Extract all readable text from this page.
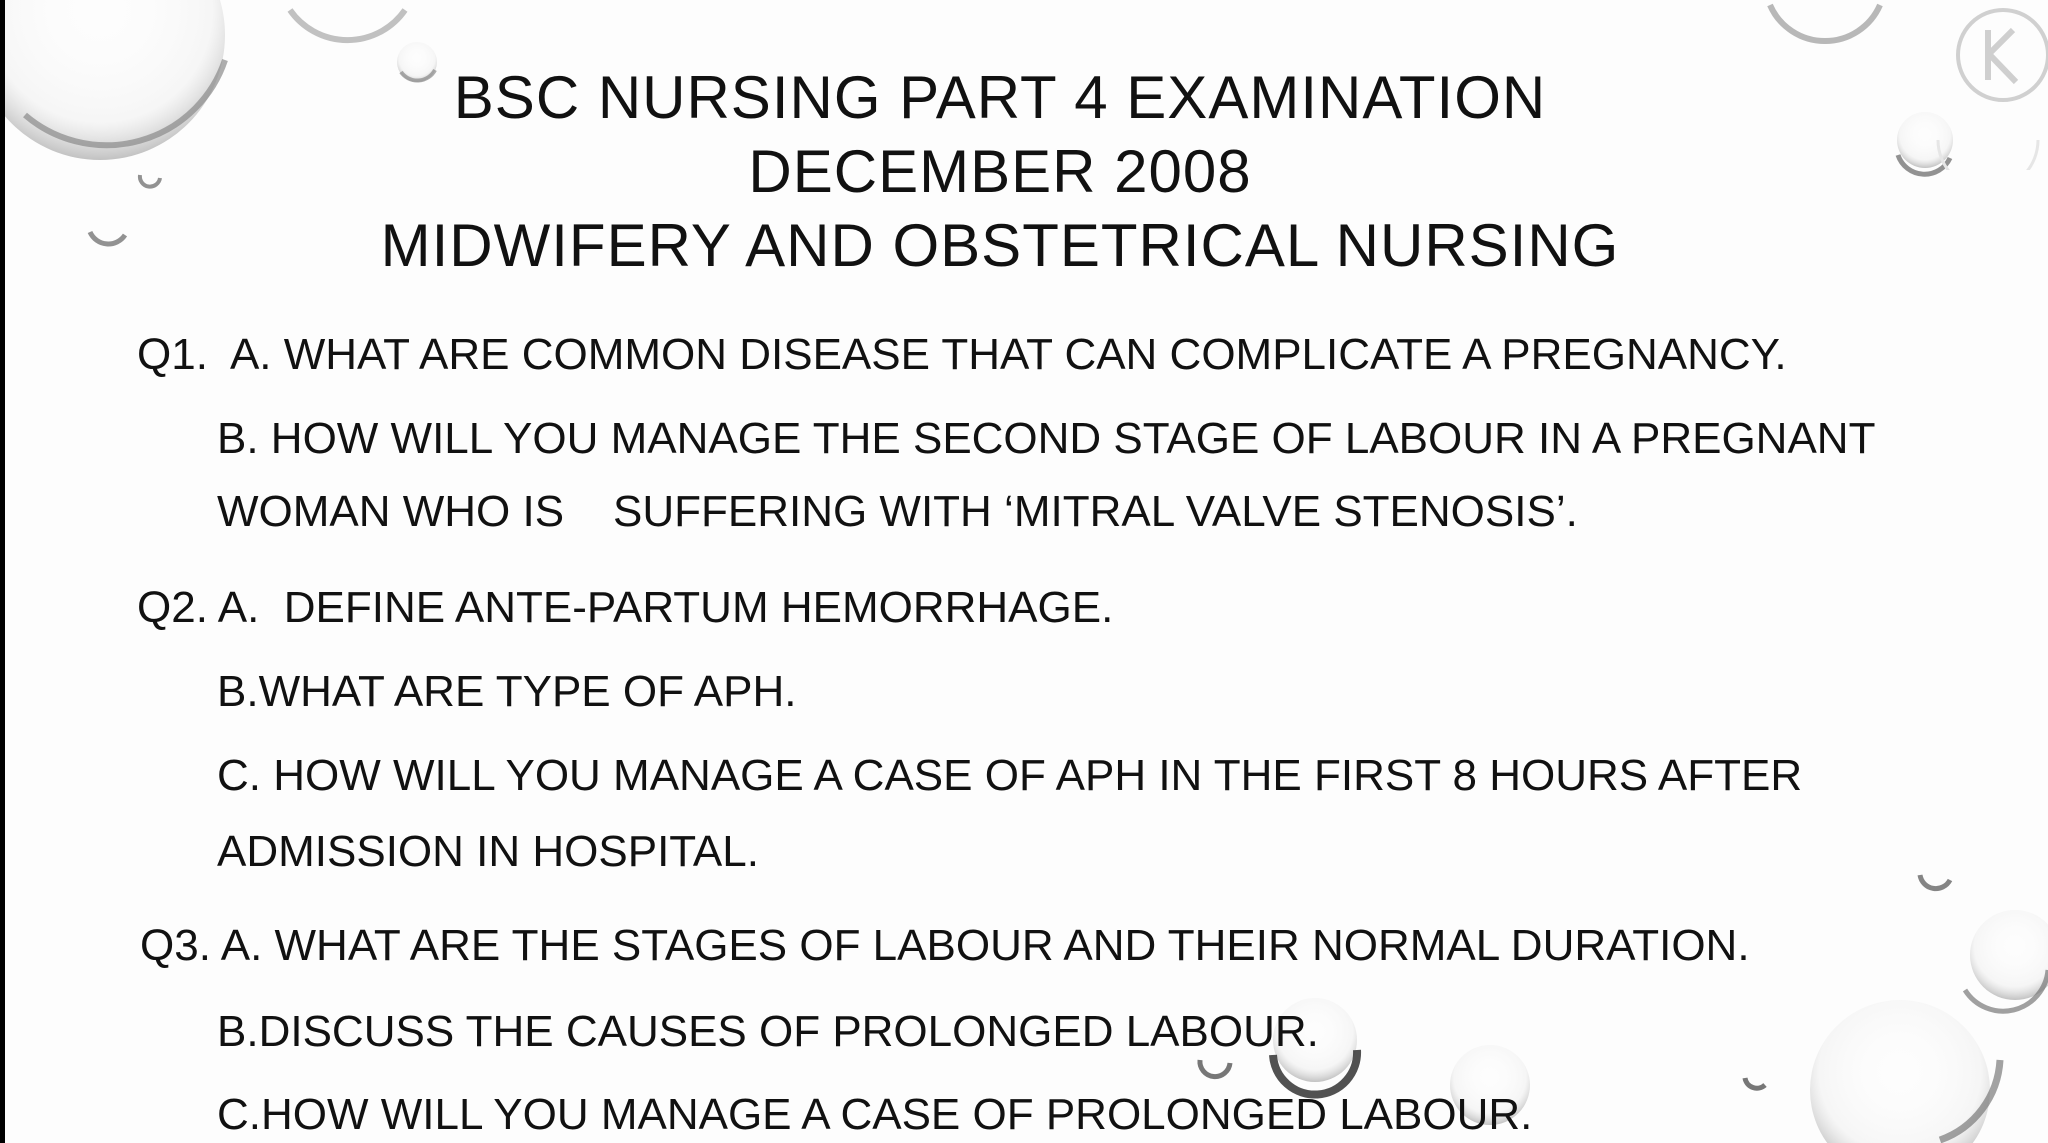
BSC NURSING PART 4 EXAMINATION
DECEMBER 2008
MIDWIFERY AND OBSTETRICAL NURSING
Q1.  A. WHAT ARE COMMON DISEASE THAT CAN COMPLICATE A PREGNANCY.
B. HOW WILL YOU MANAGE THE SECOND STAGE OF LABOUR IN A PREGNANT
WOMAN WHO IS    SUFFERING WITH ‘MITRAL VALVE STENOSIS’.
Q2. A.  DEFINE ANTE-PARTUM HEMORRHAGE.
B.WHAT ARE TYPE OF APH.
C. HOW WILL YOU MANAGE A CASE OF APH IN THE FIRST 8 HOURS AFTER
ADMISSION IN HOSPITAL.
Q3. A. WHAT ARE THE STAGES OF LABOUR AND THEIR NORMAL DURATION.
B.DISCUSS THE CAUSES OF PROLONGED LABOUR.
C.HOW WILL YOU MANAGE A CASE OF PROLONGED LABOUR.
